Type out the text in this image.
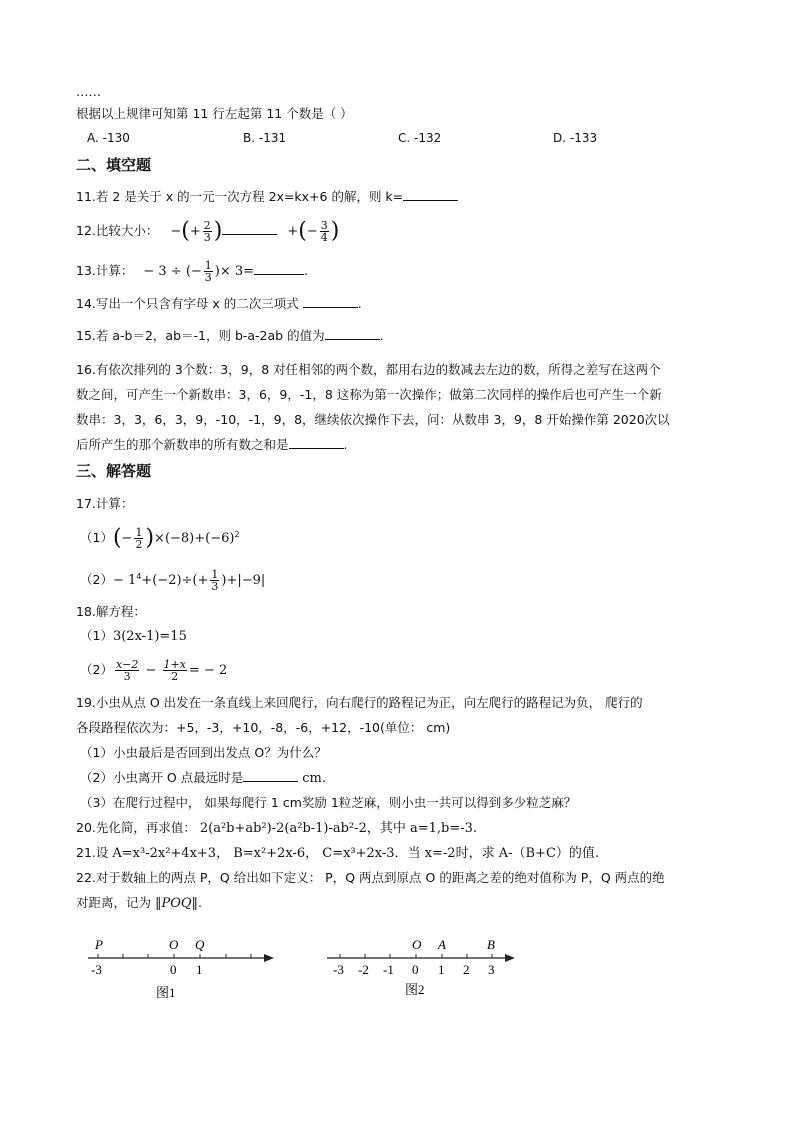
……
根据以上规律可知第 11 行左起第 11 个数是（ ）
A. -130	B. -131	C. -132	D. -133
二、填空题
11.若 2 是关于 x 的一元一次方程 2x=kx+6 的解，则 k=
12.比较大小： −(+ $\frac{2}{3}$ )	+(− $\frac{3}{4}$ )
13.计算： − 3 ÷ (− $\frac{1}{3}$ )× 3=	.
14.写出一个只含有字母 x 的二次三项式	.
15.若 a-b＝2，ab＝-1，则 b-a-2ab 的值为	.
16.有依次排列的 3个数：3，9，8 对任相邻的两个数，都用右边的数减去左边的数，所得之差写在这两个
数之间，可产生一个新数串：3，6，9，-1，8 这称为第一次操作；做第二次同样的操作后也可产生一个新
数串：3，3，6，3，9，-10，-1，9，8，继续依次操作下去，问：从数串 3，9，8 开始操作第 2020次以
后所产生的那个新数串的所有数之和是	.
三、解答题
17.计算：
$(1)(- \frac{1}{2} )\times(-8)+(-6)^2$
$(2)- 1^4+(-2)\div(+ \frac{1}{3} )+|-9|$
18.解方程：
（1）3(2x-1)=15
$(2) \frac{x-2}{3} - \frac{1+x}{2}$ = − 2
19.小虫从点 O 出发在一条直线上来回爬行，向右爬行的路程记为正，向左爬行的路程记为负， 爬行的
各段路程依次为：+5，-3，+10，-8，-6，+12，-10(单位： cm)
（1）小虫最后是否回到出发点 O？为什么？
（2）小虫离开 O 点最远时是	cm.
（3）在爬行过程中， 如果每爬行 1 cm奖励 1粒芝麻，则小虫一共可以得到多少粒芝麻？
20.先化简，再求值： 2(a²b+ab²)-2(a²b-1)-ab²-2，其中 a=1,b=-3.
21.设 A=x³-2x²+4x+3， B=x²+2x-6， C=x³+2x-3．当 x=-2时，求 A-（B+C）的值.
22.对于数轴上的两点 P，Q 给出如下定义： P，Q 两点到原点 O 的距离之差的绝对值称为 P，Q 两点的绝
对距离，记为 ‖POQ‖.
P	O Q
-3	0 1
图1
O A	B
-3 -2 -1 0 1 2 3
图2
